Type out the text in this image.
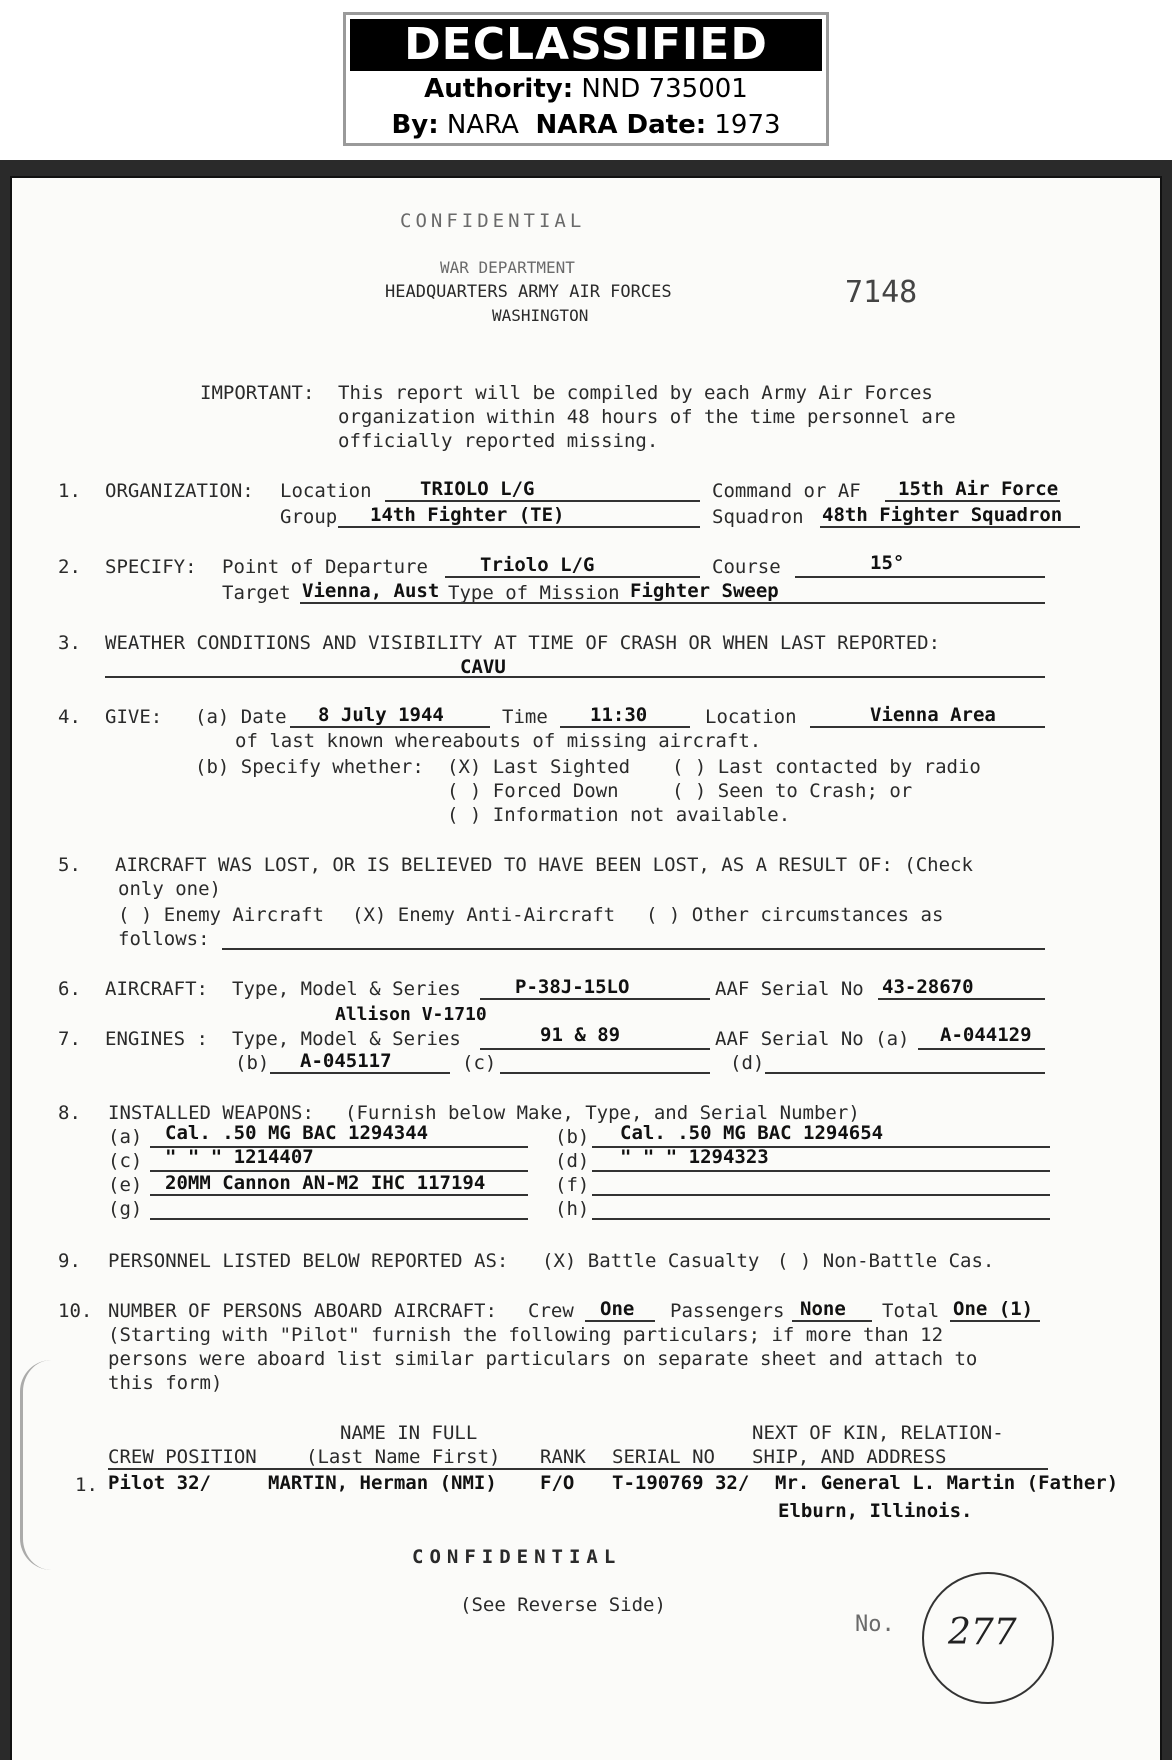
DECLASSIFIED
Authority: NND 735001
By: NARA NARA Date: 1973
CONFIDENTIAL
WAR DEPARTMENT
HEADQUARTERS ARMY AIR FORCES
WASHINGTON
7148
IMPORTANT: This report will be compiled by each Army Air Forces
organization within 48 hours of the time personnel are
officially reported missing.
1. ORGANIZATION: Location	TRIOLO L/G	Command or AF 15th Air Force
Group 14th Fighter (TE)	Squadron 48th Fighter Squadron
2. SPECIFY: Point of Departure	Triolo L/G	Course	15°
Target Vienna, Aust Type of Mission Fighter Sweep
3. WEATHER CONDITIONS AND VISIBILITY AT TIME OF CRASH OR WHEN LAST REPORTED:
CAVU
4. GIVE: (a) Date 8 July 1944	Time 11:30	Location	Vienna Area
of last known whereabouts of missing aircraft.
(b) Specify whether: (X) Last Sighted ( ) Last contacted by radio
( ) Forced Down	( ) Seen to Crash; or
( ) Information not available.
5. AIRCRAFT WAS LOST, OR IS BELIEVED TO HAVE BEEN LOST, AS A RESULT OF: (Check
only one)
( ) Enemy Aircraft (X) Enemy Anti-Aircraft ( ) Other circumstances as
follows:
6. AIRCRAFT: Type, Model & Series	P-38J-15LO	AAF Serial No 43-28670
Allison V-1710
7. ENGINES : Type, Model & Series	91 & 89	AAF Serial No (a) A-044129
(b) A-045117	(c)	(d)
8. INSTALLED WEAPONS: (Furnish below Make, Type, and Serial Number)
(a) Cal. .50 MG BAC 1294344	(b) Cal. .50 MG BAC 1294654
(c) " " " 1214407	(d) " " " 1294323
(e) 20MM Cannon AN-M2 IHC 117194	(f)
(g)	(h)
9. PERSONNEL LISTED BELOW REPORTED AS: (X) Battle Casualty ( ) Non-Battle Cas.
10. NUMBER OF PERSONS ABOARD AIRCRAFT: Crew One Passengers None Total One (1)
(Starting with "Pilot" furnish the following particulars; if more than 12
persons were aboard list similar particulars on separate sheet and attach to
this form)
NAME IN FULL	NEXT OF KIN, RELATION-
CREW POSITION	(Last Name First) RANK SERIAL NO SHIP, AND ADDRESS
1. Pilot 32/	MARTIN, Herman (NMI) F/O T-190769 32/ Mr. General L. Martin (Father)
Elburn, Illinois.
CONFIDENTIAL
(See Reverse Side)
No. 277
